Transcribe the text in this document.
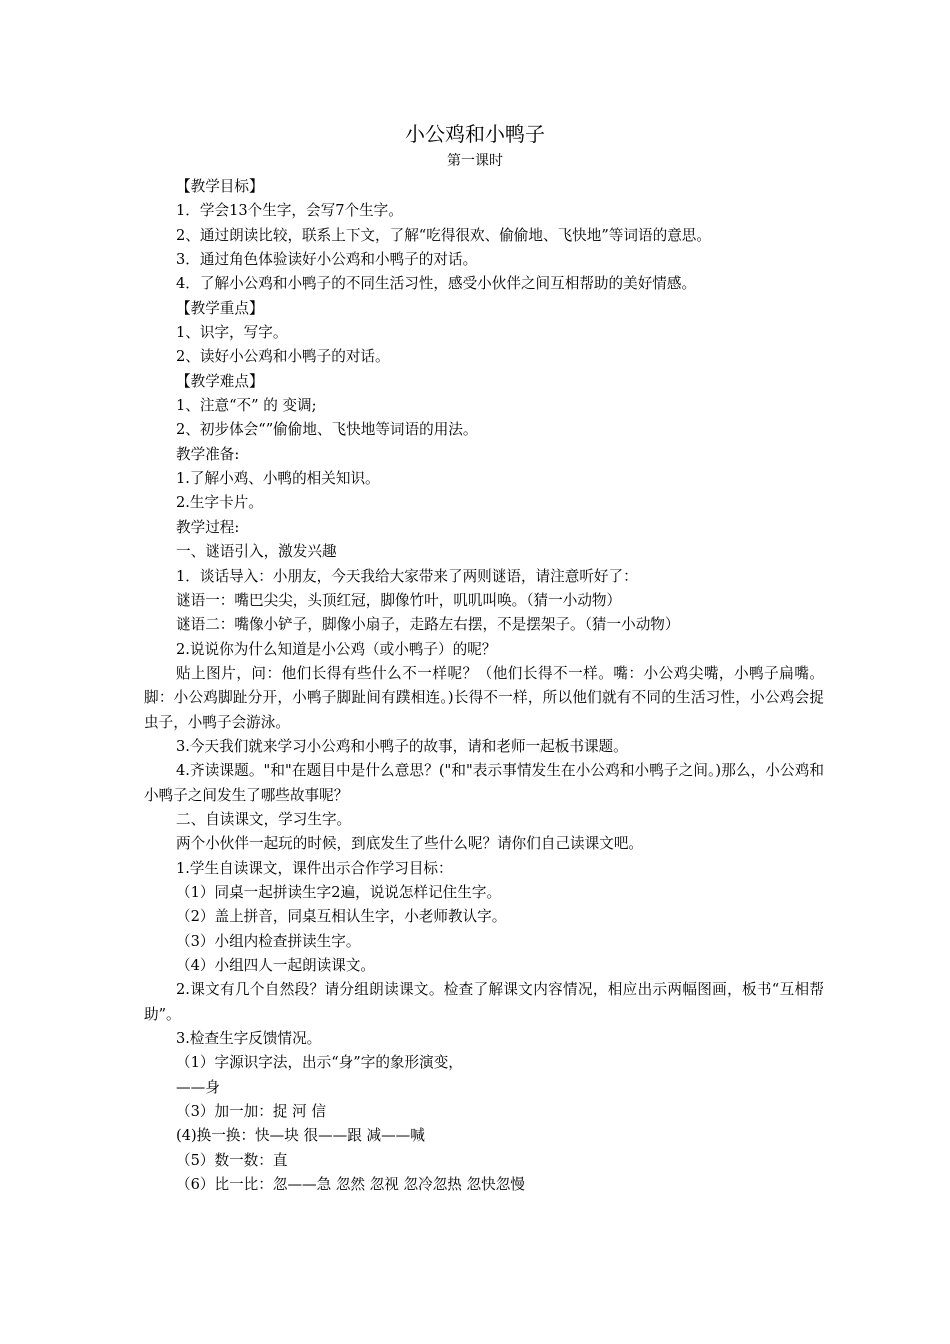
小公鸡和小鸭子
第一课时

【教学目标】

1．学会13个生字，会写7个生字。

2、通过朗读比较，联系上下文，了解“吃得很欢、偷偷地、飞快地”等词语的意思。

3．通过角色体验读好小公鸡和小鸭子的对话。

4．了解小公鸡和小鸭子的不同生活习性，感受小伙伴之间互相帮助的美好情感。

【教学重点】

1、识字，写字。

2、读好小公鸡和小鸭子的对话。

【教学难点】

1、注意“不” 的 变调;

2、初步体会“”偷偷地、飞快地等词语的用法。

教学准备:

1.了解小鸡、小鸭的相关知识。

2.生字卡片。

教学过程:

一、谜语引入，激发兴趣

1．谈话导入：小朋友，今天我给大家带来了两则谜语，请注意听好了：

谜语一：嘴巴尖尖，头顶红冠，脚像竹叶，叽叽叫唤。（猜一小动物）

谜语二：嘴像小铲子，脚像小扇子，走路左右摆，不是摆架子。（猜一小动物）

2.说说你为什么知道是小公鸡（或小鸭子）的呢？

贴上图片，问：他们长得有些什么不一样呢？（他们长得不一样。嘴：小公鸡尖嘴，小鸭子扁嘴。脚：小公鸡脚趾分开，小鸭子脚趾间有蹼相连。)长得不一样，所以他们就有不同的生活习性，小公鸡会捉虫子，小鸭子会游泳。

3.今天我们就来学习小公鸡和小鸭子的故事，请和老师一起板书课题。

4.齐读课题。"和"在题目中是什么意思？("和"表示事情发生在小公鸡和小鸭子之间。)那么，小公鸡和小鸭子之间发生了哪些故事呢？

二、自读课文，学习生字。

两个小伙伴一起玩的时候，到底发生了些什么呢？请你们自己读课文吧。

1.学生自读课文，课件出示合作学习目标：

（1）同桌一起拼读生字2遍，说说怎样记住生字。

（2）盖上拼音，同桌互相认生字，小老师教认字。

（3）小组内检查拼读生字。

（4）小组四人一起朗读课文。

2.课文有几个自然段？请分组朗读课文。检查了解课文内容情况，相应出示两幅图画，板书“互相帮助”。

3.检查生字反馈情况。

（1）字源识字法，出示“身”字的象形演变，

——身

（3）加一加：捉 河 信

(4)换一换：快—块 很——跟 减——喊

（5）数一数：直

（6）比一比：忽——急 忽然 忽视 忽冷忽热 忽快忽慢
